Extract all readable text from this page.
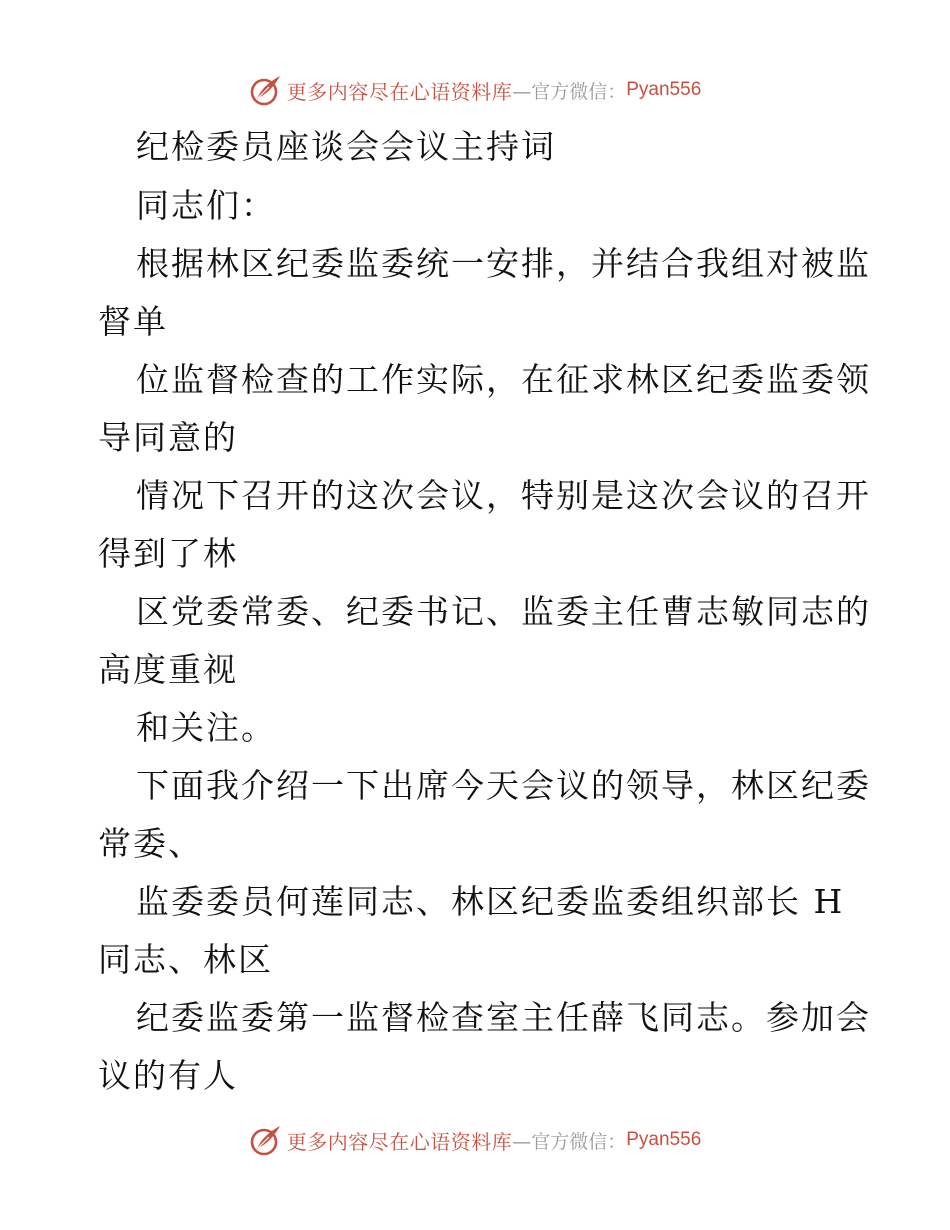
更多内容尽在心语资料库 —官方微信： Pyan556
纪检委员座谈会会议主持词
同志们：
根据林区纪委监委统一安排，并结合我组对被监
督单
位监督检查的工作实际，在征求林区纪委监委领
导同意的
情况下召开的这次会议，特别是这次会议的召开
得到了林
区党委常委、纪委书记、监委主任曹志敏同志的
高度重视
和关注。
下面我介绍一下出席今天会议的领导，林区纪委
常委、
监委委员何莲同志、林区纪委监委组织部长 H
同志、林区
纪委监委第一监督检查室主任薛飞同志。参加会
议的有人
更多内容尽在心语资料库 —官方微信： Pyan556
